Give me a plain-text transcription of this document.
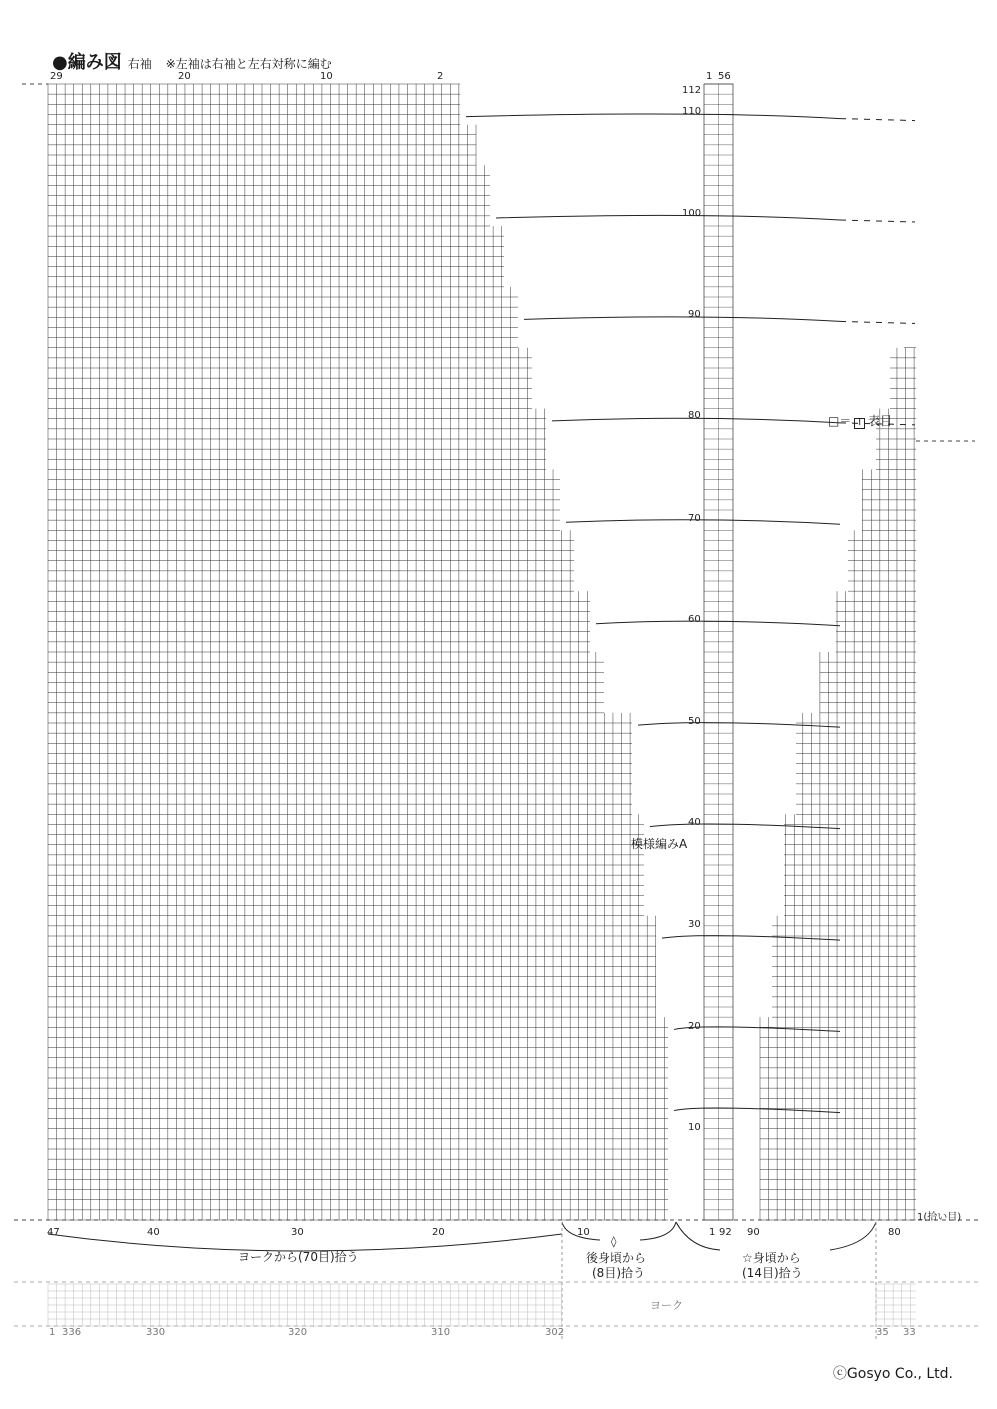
●編み図 右袖 ※左袖は右袖と左右対称に編む
29	20	10	2	1 56
112
110
100
90
80
70
60
50
40
30
20
10
□＝ I 表目
模様編みA
47	40	30	20	10	1 92 90	80
1(拾い目)
ヨークから(70目)拾う
◊
後身頃から
(8目)拾う
☆身頃から
(14目)拾う
ヨーク
1 336	330	320	310	302	35 33
ⓒGosyo Co., Ltd.
